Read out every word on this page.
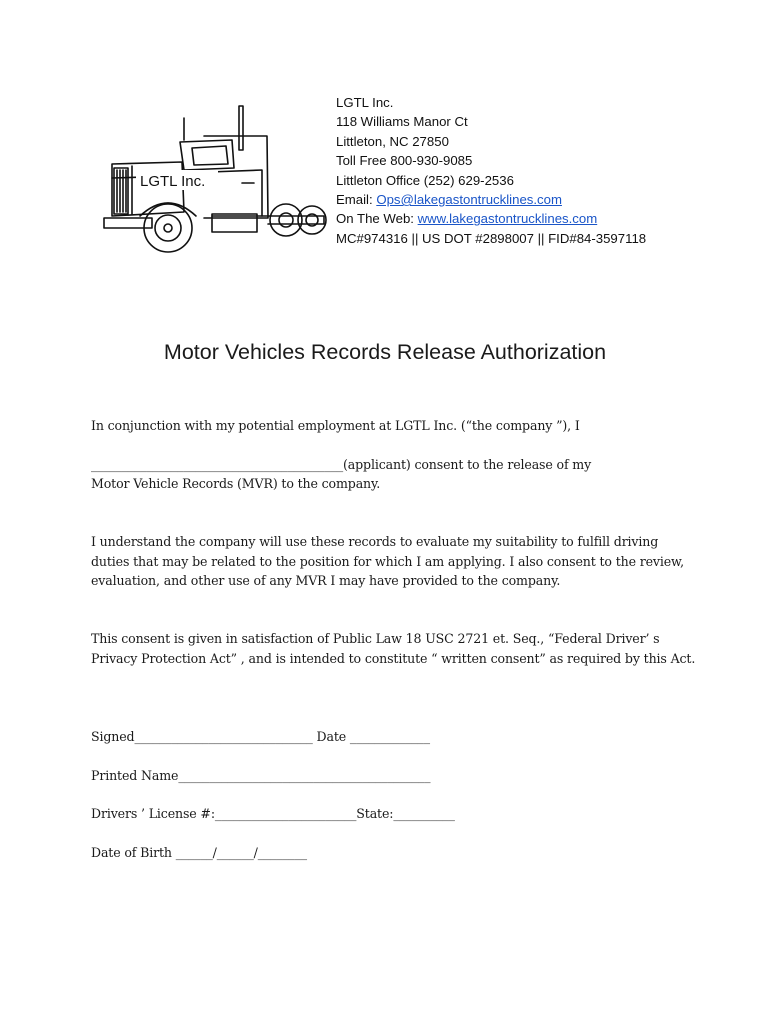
LGTL Inc.
LGTL Inc.
118 Williams Manor Ct
Littleton, NC 27850
Toll Free 800-930-9085
Littleton Office (252) 629-2536
Email: Ops@lakegastontrucklines.com
On The Web: www.lakegastontrucklines.com
MC#974316 || US DOT #2898007 || FID#84-3597118
Motor Vehicles Records Release Authorization
In conjunction with my potential employment at LGTL Inc. (“the company ”), I
_________________________________________(applicant) consent to the release of my
Motor Vehicle Records (MVR) to the company.
I understand the company will use these records to evaluate my suitability to fulfill driving
duties that may be related to the position for which I am applying. I also consent to the review,
evaluation, and other use of any MVR I may have provided to the company.
This consent is given in satisfaction of Public Law 18 USC 2721 et. Seq., “Federal Driver’ s
Privacy Protection Act” , and is intended to constitute “ written consent” as required by this Act.
Signed_____________________________ Date _____________
Printed Name_________________________________________
Drivers ’ License #:_______________________State:__________
Date of Birth ______/______/________
